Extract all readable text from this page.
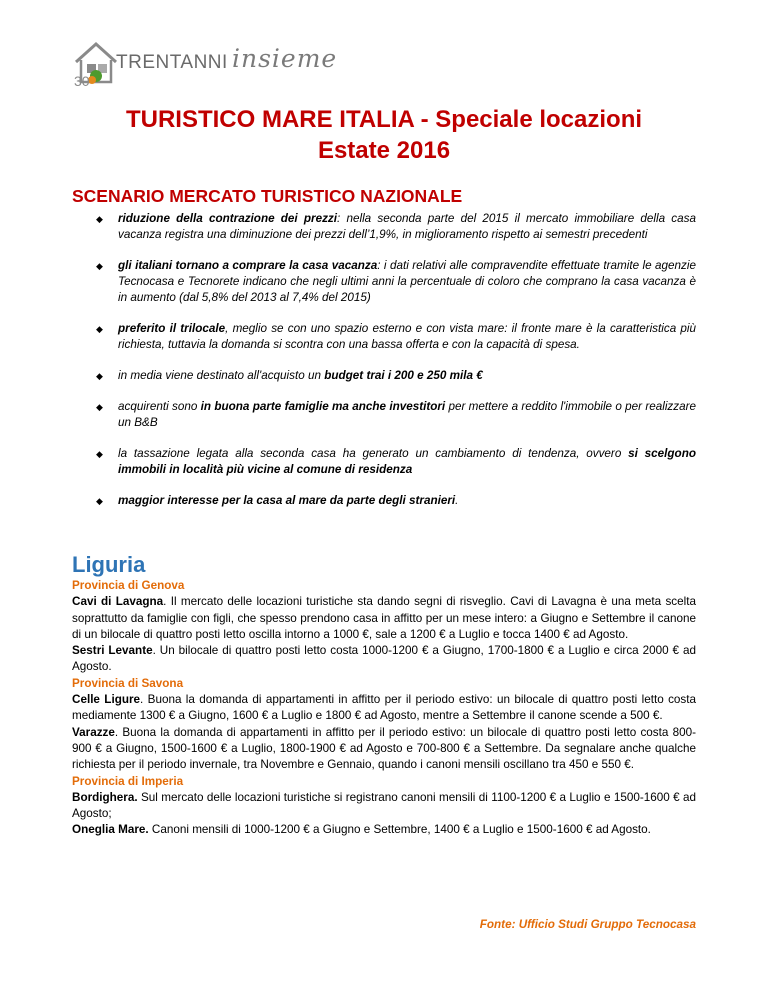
30
TRENTANNI insieme
TURISTICO MARE ITALIA - Speciale locazioni
Estate 2016
SCENARIO MERCATO TURISTICO NAZIONALE
◆ riduzione della contrazione dei prezzi: nella seconda parte del 2015 il mercato immobiliare della casa vacanza registra una diminuzione dei prezzi dell’1,9%, in miglioramento rispetto ai semestri precedenti
◆ gli italiani tornano a comprare la casa vacanza: i dati relativi alle compravendite effettuate tramite le agenzie Tecnocasa e Tecnorete indicano che negli ultimi anni la percentuale di coloro che comprano la casa vacanza è in aumento (dal 5,8% del 2013 al 7,4% del 2015)
◆ preferito il trilocale, meglio se con uno spazio esterno e con vista mare: il fronte mare è la caratteristica più richiesta, tuttavia la domanda si scontra con una bassa offerta e con la capacità di spesa.
◆ in media viene destinato all'acquisto un budget trai i 200 e 250 mila €
◆ acquirenti sono in buona parte famiglie ma anche investitori per mettere a reddito l'immobile o per realizzare un B&B
◆ la tassazione legata alla seconda casa ha generato un cambiamento di tendenza, ovvero si scelgono immobili in località più vicine al comune di residenza
◆ maggior interesse per la casa al mare da parte degli stranieri.
Liguria
Provincia di Genova
Cavi di Lavagna. Il mercato delle locazioni turistiche sta dando segni di risveglio. Cavi di Lavagna è una meta scelta soprattutto da famiglie con figli, che spesso prendono casa in affitto per un mese intero: a Giugno e Settembre il canone di un bilocale di quattro posti letto oscilla intorno a 1000 €, sale a 1200 € a Luglio e tocca 1400 € ad Agosto.
Sestri Levante. Un bilocale di quattro posti letto costa 1000-1200 € a Giugno, 1700-1800 € a Luglio e circa 2000 € ad Agosto.
Provincia di Savona
Celle Ligure. Buona la domanda di appartamenti in affitto per il periodo estivo: un bilocale di quattro posti letto costa mediamente 1300 € a Giugno, 1600 € a Luglio e 1800 € ad Agosto, mentre a Settembre il canone scende a 500 €.
Varazze. Buona la domanda di appartamenti in affitto per il periodo estivo: un bilocale di quattro posti letto costa 800-900 € a Giugno, 1500-1600 € a Luglio, 1800-1900 € ad Agosto e 700-800 € a Settembre. Da segnalare anche qualche richiesta per il periodo invernale, tra Novembre e Gennaio, quando i canoni mensili oscillano tra 450 e 550 €.
Provincia di Imperia
Bordighera. Sul mercato delle locazioni turistiche si registrano canoni mensili di 1100-1200 € a Luglio e 1500-1600 € ad Agosto;
Oneglia Mare. Canoni mensili di 1000-1200 € a Giugno e Settembre, 1400 € a Luglio e 1500-1600 € ad Agosto.
Fonte: Ufficio Studi Gruppo Tecnocasa
